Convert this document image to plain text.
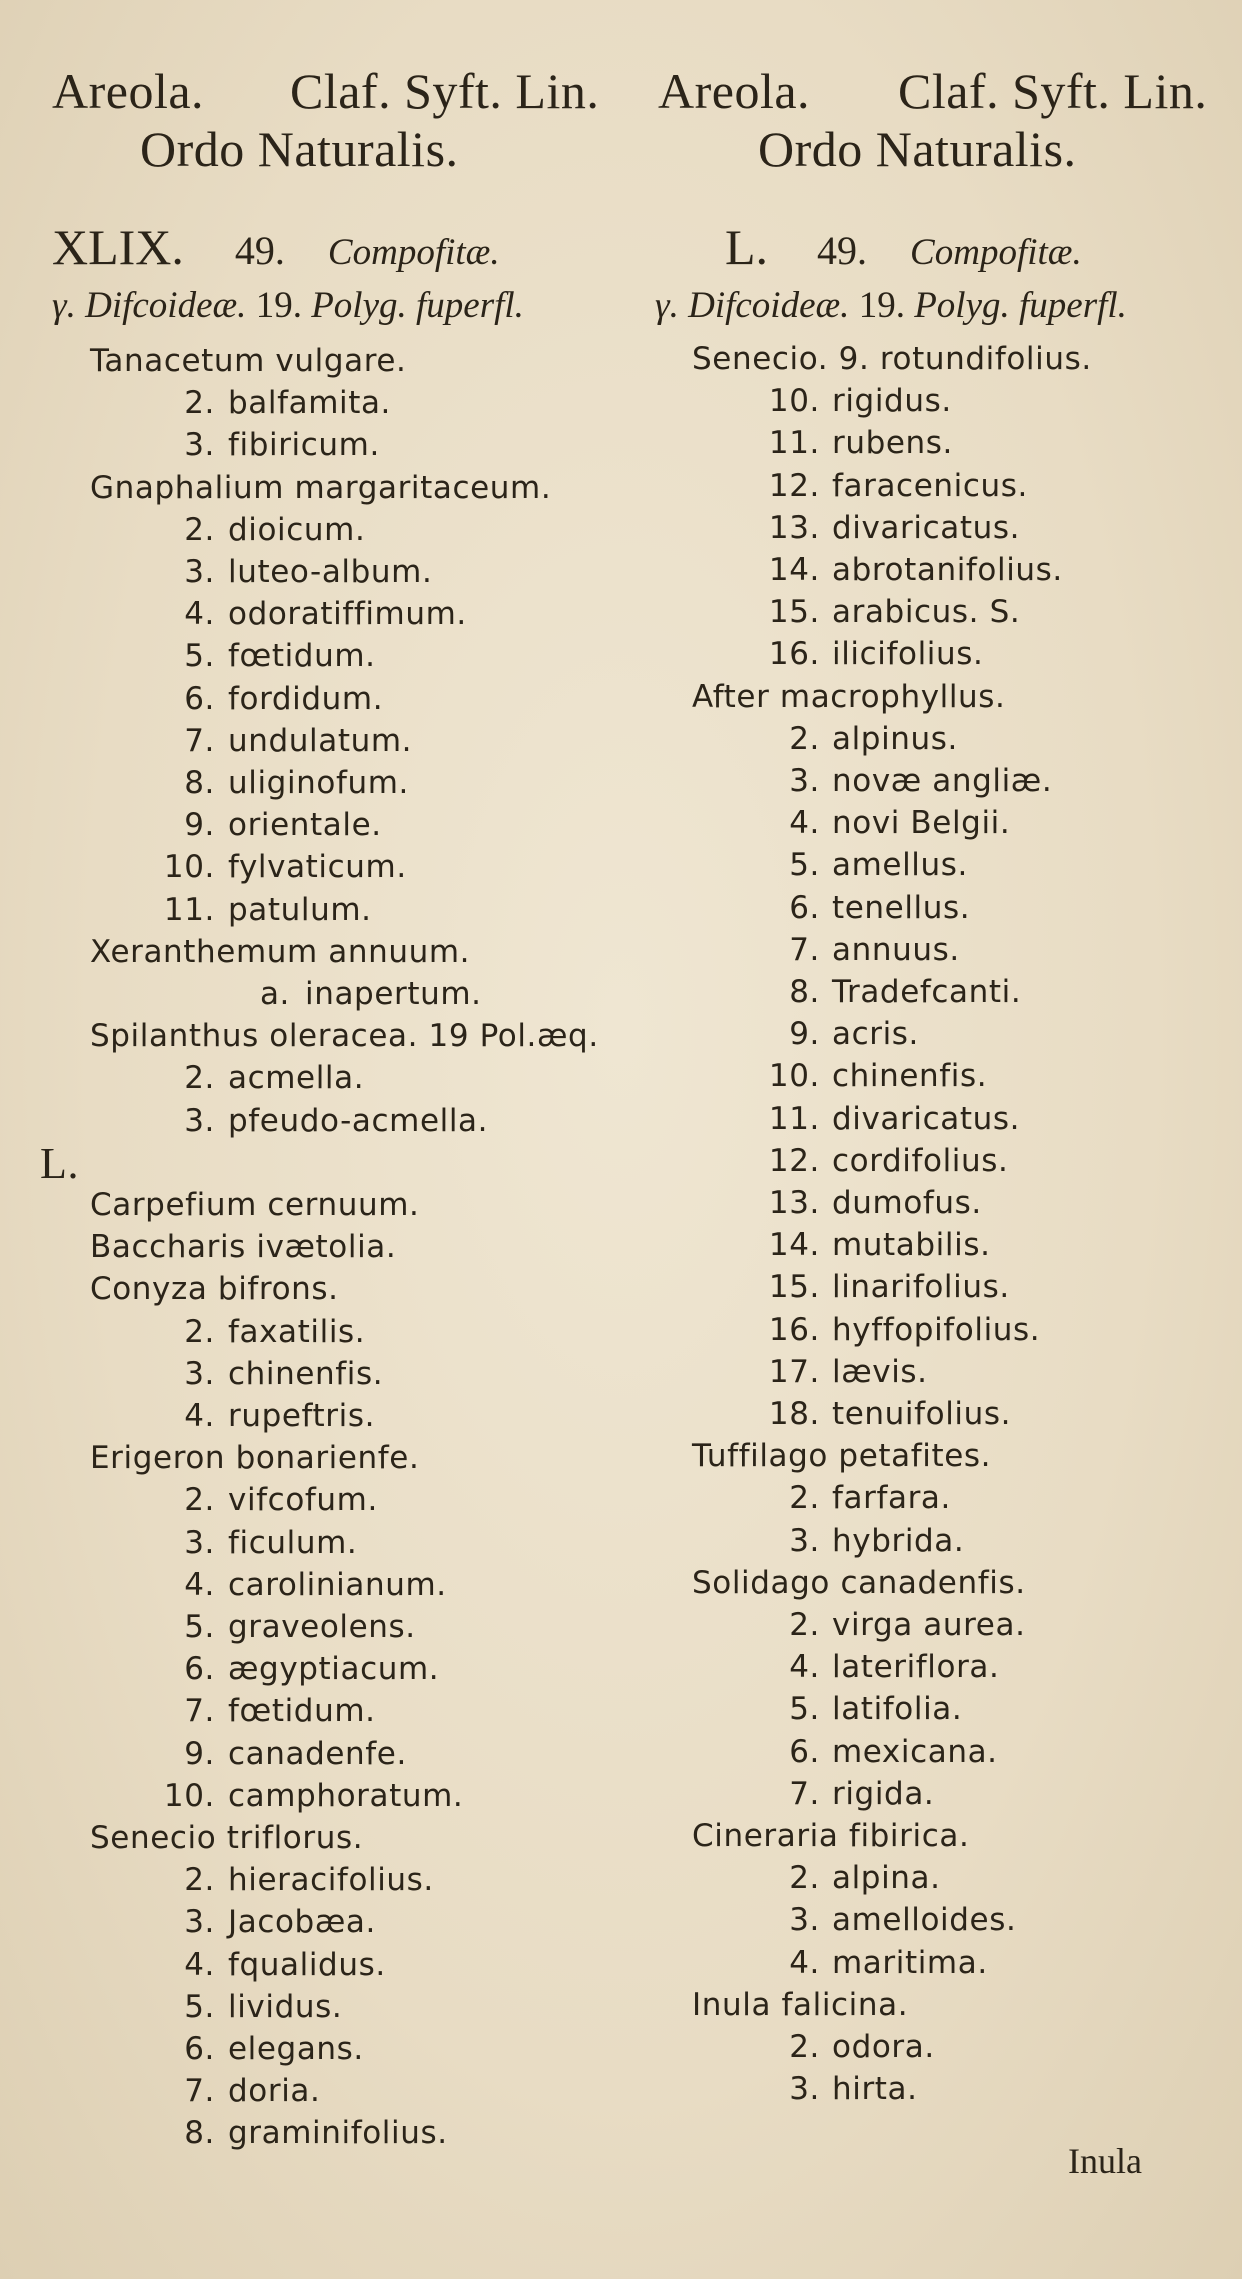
Areola. Claf. Syft. Lin.
Ordo Naturalis.
XLIX. 49. Compofitæ.
γ. Difcoideæ. 19. Polyg. fuperfl.
Tanacetum vulgare.
2. balfamita.
3. fibiricum.
Gnaphalium margaritaceum.
2. dioicum.
3. luteo-album.
4. odoratiffimum.
5. fœtidum.
6. fordidum.
7. undulatum.
8. uliginofum.
9. orientale.
10. fylvaticum.
11. patulum.
Xeranthemum annuum.
a. inapertum.
Spilanthus oleracea. 19 Pol.æq.
2. acmella.
3. pfeudo-acmella.
L.
Carpefium cernuum.
Baccharis ivætolia.
Conyza bifrons.
2. faxatilis.
3. chinenfis.
4. rupeftris.
Erigeron bonarienfe.
2. vifcofum.
3. ficulum.
4. carolinianum.
5. graveolens.
6. ægyptiacum.
7. fœtidum.
9. canadenfe.
10. camphoratum.
Senecio triflorus.
2. hieracifolius.
3. Jacobæa.
4. fqualidus.
5. lividus.
6. elegans.
7. doria.
8. graminifolius.
Areola. Claf. Syft. Lin.
Ordo Naturalis.
L. 49. Compofitæ.
γ. Difcoideæ. 19. Polyg. fuperfl.
Senecio. 9. rotundifolius.
10. rigidus.
11. rubens.
12. faracenicus.
13. divaricatus.
14. abrotanifolius.
15. arabicus. S.
16. ilicifolius.
After macrophyllus.
2. alpinus.
3. novæ angliæ.
4. novi Belgii.
5. amellus.
6. tenellus.
7. annuus.
8. Tradefcanti.
9. acris.
10. chinenfis.
11. divaricatus.
12. cordifolius.
13. dumofus.
14. mutabilis.
15. linarifolius.
16. hyffopifolius.
17. lævis.
18. tenuifolius.
Tuffilago petafites.
2. farfara.
3. hybrida.
Solidago canadenfis.
2. virga aurea.
4. lateriflora.
5. latifolia.
6. mexicana.
7. rigida.
Cineraria fibirica.
2. alpina.
3. amelloides.
4. maritima.
Inula falicina.
2. odora.
3. hirta.
Inula
